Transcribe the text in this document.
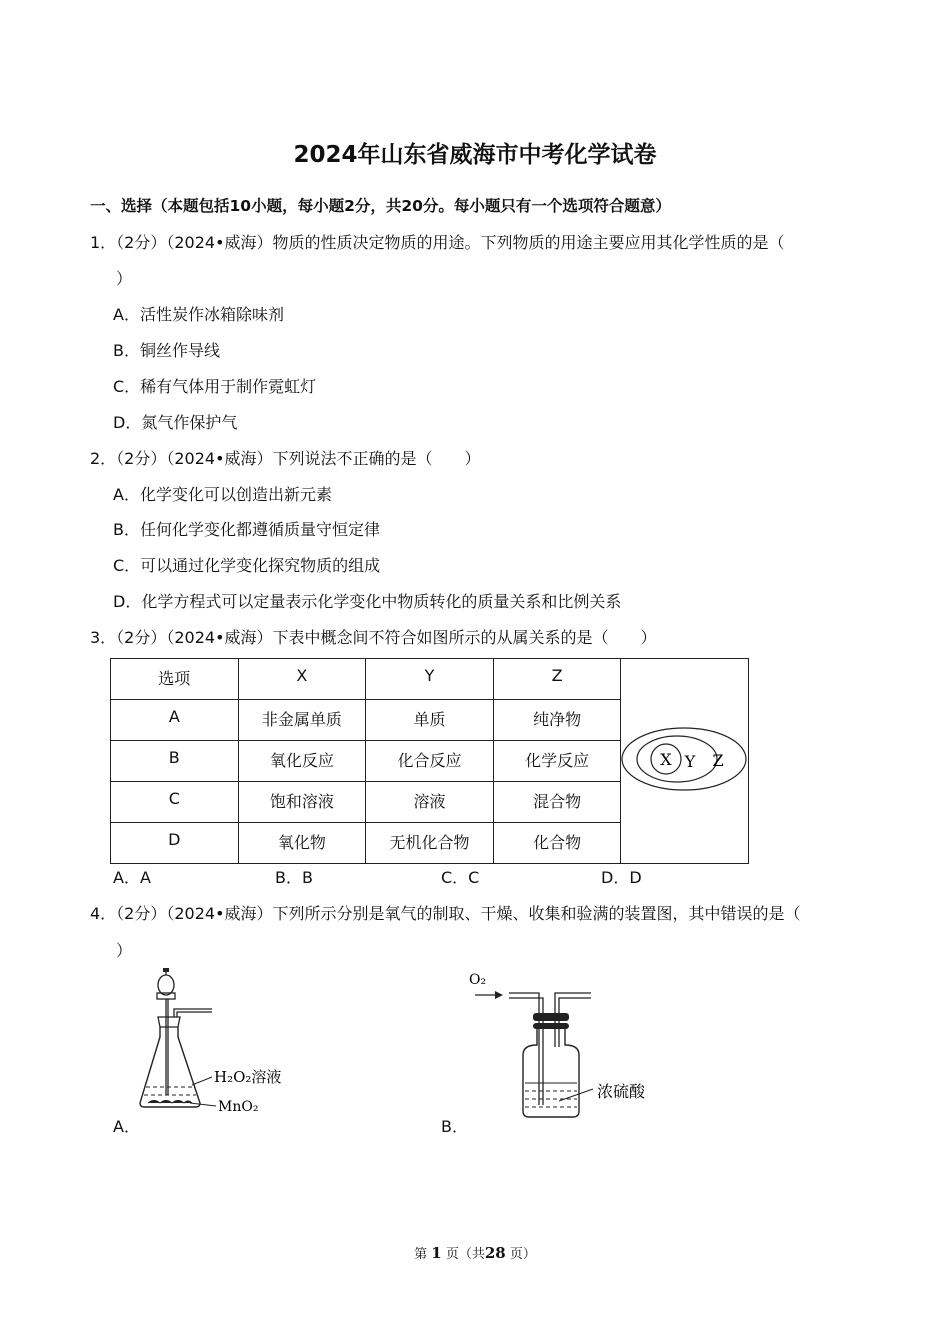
2024年山东省威海市中考化学试卷
一、选择（本题包括10小题，每小题2分，共20分。每小题只有一个选项符合题意）
1．（2分）（2024•威海）物质的性质决定物质的用途。下列物质的用途主要应用其化学性质的是（
）
A．活性炭作冰箱除味剂
B．铜丝作导线
C．稀有气体用于制作霓虹灯
D．氮气作保护气
2．（2分）（2024•威海）下列说法不正确的是（　　）
A．化学变化可以创造出新元素
B．任何化学变化都遵循质量守恒定律
C．可以通过化学变化探究物质的组成
D．化学方程式可以定量表示化学变化中物质转化的质量关系和比例关系
3．（2分）（2024•威海）下表中概念间不符合如图所示的从属关系的是（　　）
选项	X	Y	Z	X Y Z

A	非金属单质	单质	纯净物	
B	氧化反应	化合反应	化学反应	
C	饱和溶液	溶液	混合物	
D	氧化物	无机化合物	化合物	
A．A	B．B	C．C	D．D
4．（2分）（2024•威海）下列所示分别是氧气的制取、干燥、收集和验满的装置图，其中错误的是（
）
H₂O₂溶液
MnO₂
A．
O₂
浓硫酸
B．
第 1 页（共28 页）
